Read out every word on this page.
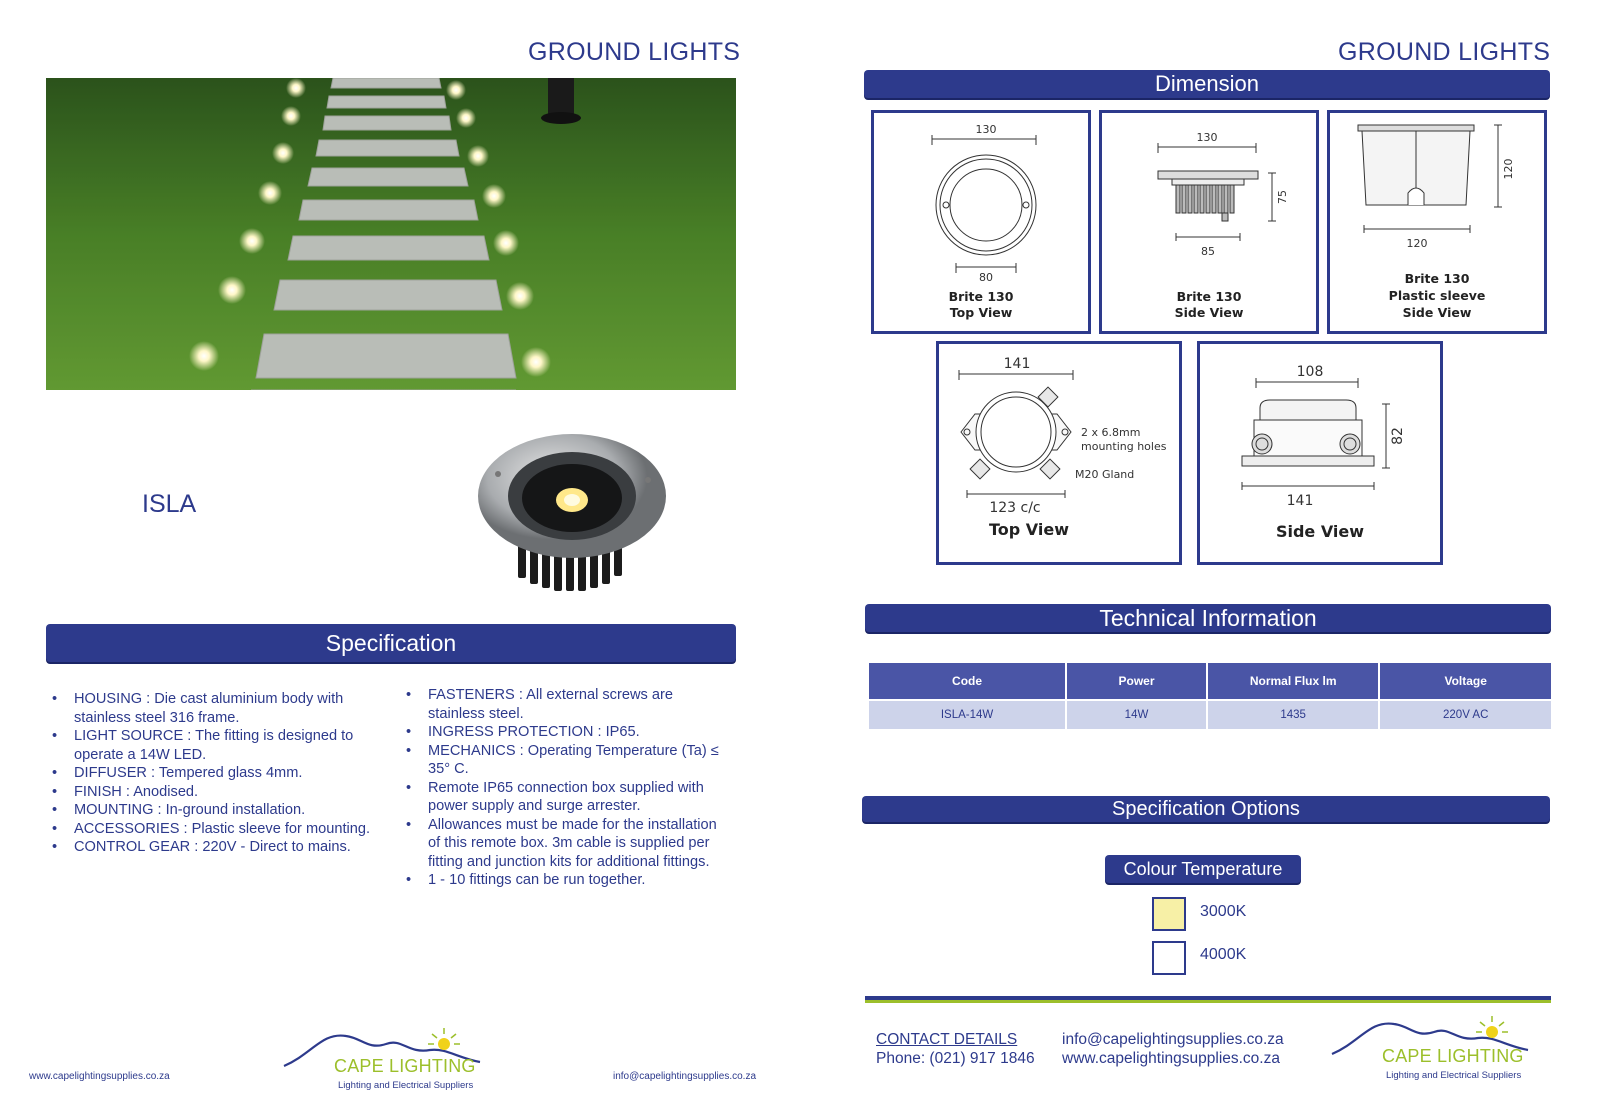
GROUND LIGHTS
ISLA
Specification
• HOUSING : Die cast aluminium body with stainless steel 316 frame.
• LIGHT SOURCE : The fitting is designed to operate a 14W LED.
• DIFFUSER : Tempered glass 4mm.
• FINISH : Anodised.
• MOUNTING : In-ground installation.
• ACCESSORIES : Plastic sleeve for mounting.
• CONTROL GEAR : 220V - Direct to mains.
• FASTENERS : All external screws are stainless steel.
• INGRESS PROTECTION : IP65.
• MECHANICS : Operating Temperature (Ta) ≤ 35° C.
• Remote IP65 connection box supplied with power supply and surge arrester.
• Allowances must be made for the installation of this remote box. 3m cable is supplied per fitting and junction kits for additional fittings.
• 1 - 10 fittings can be run together.
www.capelightingsupplies.co.za	info@capelightingsupplies.co.za
CAPE LIGHTING
Lighting and Electrical Suppliers
GROUND LIGHTS
Dimension
130
80
Brite 130
Top View
130
75
85
Brite 130
Side View
120
120
Brite 130
Plastic sleeve
Side View
141
2 x 6.8mm
mounting holes
M20 Gland
123 c/c
Top View
108
82
141
Side View
Technical Information
Code	Power	Normal Flux lm	Voltage
ISLA-14W	14W	1435	220V AC
Specification Options
Colour Temperature
3000K
4000K
CONTACT DETAILS
Phone: (021) 917 1846
info@capelightingsupplies.co.za
www.capelightingsupplies.co.za	CAPE LIGHTING
Lighting and Electrical Suppliers
